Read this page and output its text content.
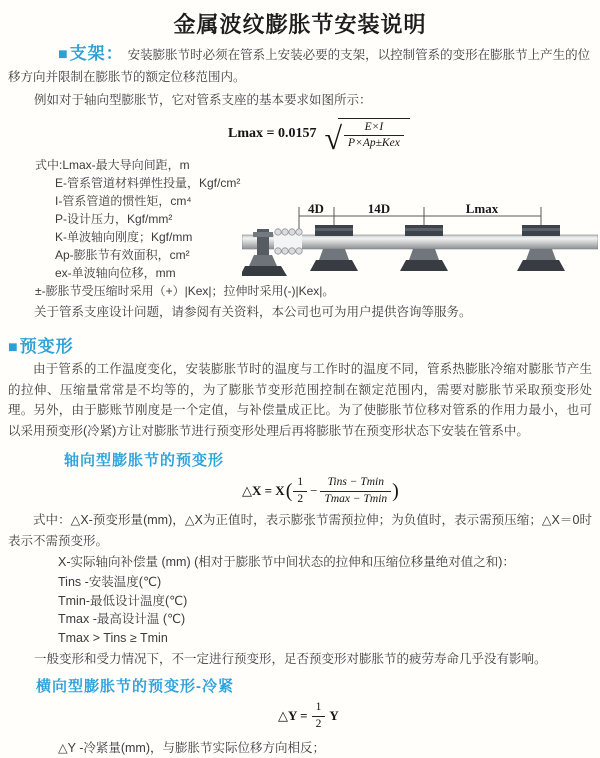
金属波纹膨胀节安装说明

■支架： 安装膨胀节时必须在管系上安装必要的支架，以控制管系的变形在膨胀节上产生的位移方向并限制在膨胀节的额定位移范围内。

例如对于轴向型膨胀节，它对管系支座的基本要求如图所示：

Lmax = 0.0157 √ $\frac{E\times I}{\text{P×Ap±Kex}}$
式中:Lmax-最大导向间距，m
E-管系管道材料弹性投量，Kgf/cm²
I-管系管道的惯性矩，cm⁴
P-设计压力，Kgf/mm²
K-单波轴向刚度；Kgf/mm
Ap-膨胀节有效面积，cm²
ex-单波轴向位移，mm
±-膨胀节受压缩时采用（+）|Kex|；拉伸时采用(-)|Kex|。

关于管系支座设计问题，请参阅有关资料，本公司也可为用户提供咨询等服务。

4D	14D	Lmax
■预变形

由于管系的工作温度变化，安装膨胀节时的温度与工作时的温度不同，管系热膨胀冷缩对膨胀节产生的拉伸、压缩量常常是不均等的，为了膨胀节变形范围控制在额定范围内，需要对膨胀节采取预变形处理。另外，由于膨账节刚度是一个定值，与补偿量成正比。为了使膨胀节位移对管系的作用力最小，也可以采用预变形(冷紧)方让对膨胀节进行预变形处理后再将膨胀节在预变形状态下安装在管系中。

轴向型膨胀节的预变形
△X = X ( $\frac{1}{2} - \frac{\text{Tins − Tmin}}{Tmax - Tmin}$ )

式中：△X-预变形量(mm)，△X为正值时，表示膨张节需预拉伸；为负值时，表示需预压缩；△X＝0时表示不需预变形。

X-实际轴向补偿量 (mm) (相对于膨胀节中间状态的拉伸和压缩位移量绝对值之和)：

Tins -安装温度(℃)
Tmin-最低设计温度(℃)
Tmax -最高设计温 (℃)
Tmax > Tins ≥ Tmin

一般变形和受力情况下，不一定进行预变形，足否预变形对膨胀节的疲劳寿命几乎没有影响。

横向型膨胀节的预变形-冷紧
△Y = $\frac{1}{2}$ Y

△Y -冷紧量(mm)，与膨胀节实际位移方向相反；
